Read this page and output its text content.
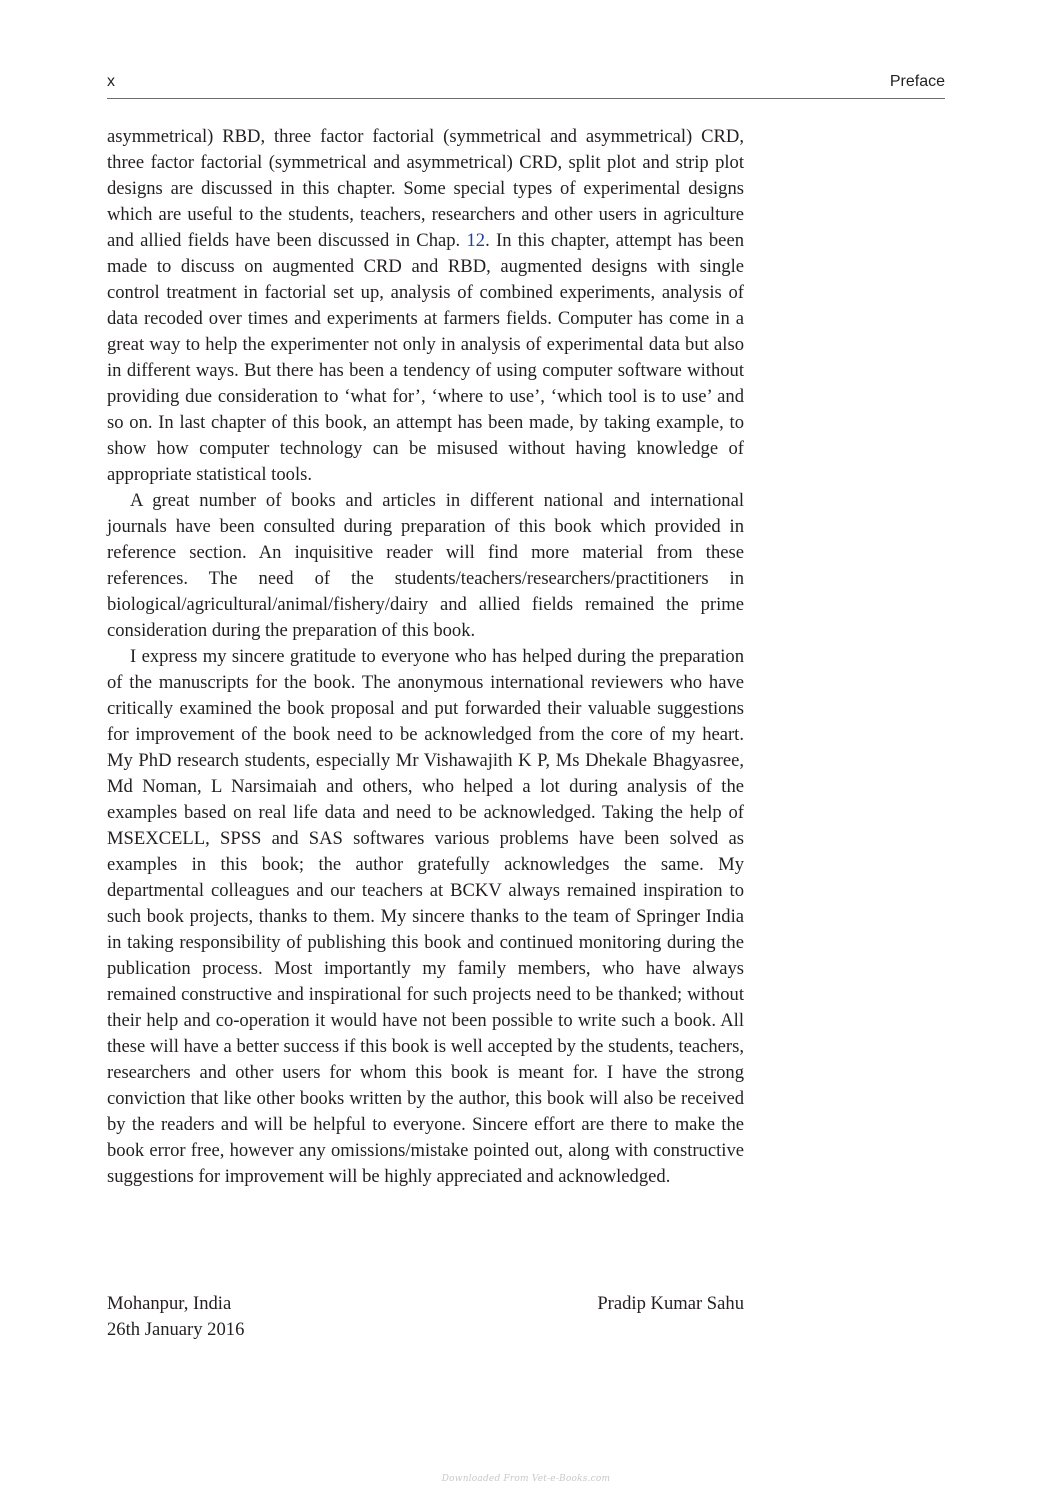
x	Preface

asymmetrical) RBD, three factor factorial (symmetrical and asymmetrical) CRD, three factor factorial (symmetrical and asymmetrical) CRD, split plot and strip plot designs are discussed in this chapter. Some special types of experimental designs which are useful to the students, teachers, researchers and other users in agriculture and allied fields have been discussed in Chap. 12. In this chapter, attempt has been made to discuss on augmented CRD and RBD, augmented designs with single control treatment in factorial set up, analysis of combined experiments, analysis of data recoded over times and experiments at farmers fields. Computer has come in a great way to help the experimenter not only in analysis of experimental data but also in different ways. But there has been a tendency of using computer software without providing due consideration to ‘what for’, ‘where to use’, ‘which tool is to use’ and so on. In last chapter of this book, an attempt has been made, by taking example, to show how computer technology can be misused without having knowledge of appropriate statistical tools.

A great number of books and articles in different national and international journals have been consulted during preparation of this book which provided in reference section. An inquisitive reader will find more material from these references. The need of the students/teachers/researchers/​practitioners in biological/agricultural/animal/fishery/dairy and allied fields remained the prime consideration during the preparation of this book.

I express my sincere gratitude to everyone who has helped during the preparation of the manuscripts for the book. The anonymous international reviewers who have critically examined the book proposal and put forwarded their valuable suggestions for improvement of the book need to be acknowledged from the core of my heart. My PhD research students, especially Mr Vishawajith K P, Ms Dhekale Bhagyasree, Md Noman, L Narsimaiah and others, who helped a lot during analysis of the examples based on real life data and need to be acknowledged. Taking the help of MSEXCELL, SPSS and SAS softwares various problems have been solved as examples in this book; the author gratefully acknowledges the same. My departmental colleagues and our teachers at BCKV always remained inspiration to such book projects, thanks to them. My sincere thanks to the team of Springer India in taking responsibility of publishing this book and continued monitoring during the publication process. Most importantly my family members, who have always remained constructive and inspirational for such projects need to be thanked; without their help and co-operation it would have not been possible to write such a book. All these will have a better success if this book is well accepted by the students, teachers, researchers and other users for whom this book is meant for. I have the strong conviction that like other books written by the author, this book will also be received by the readers and will be helpful to everyone. Sincere effort are there to make the book error free, however any omissions/mistake pointed out, along with constructive suggestions for improvement will be highly appreciated and acknowledged.

Mohanpur, India
26th January 2016
Pradip Kumar Sahu
Downloaded From Vet-e-Books.com
